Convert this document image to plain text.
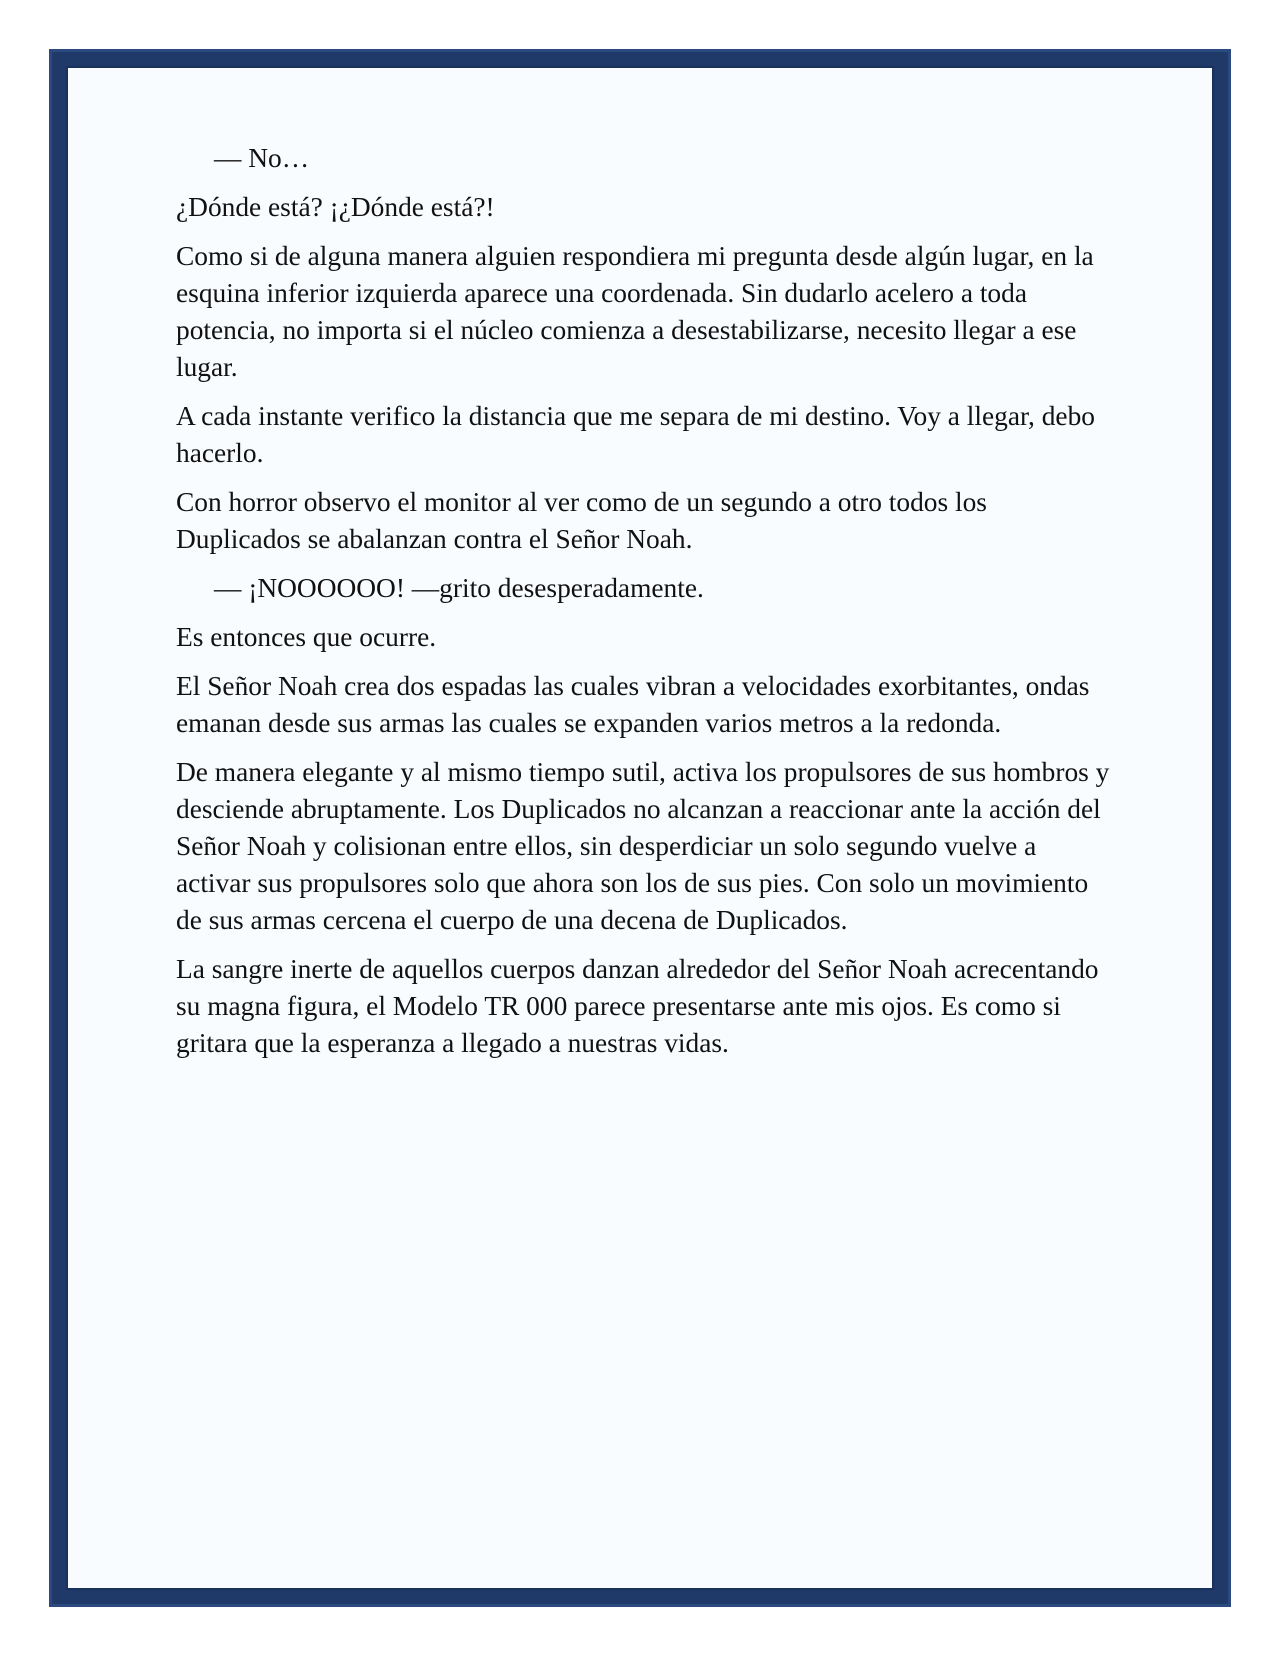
— No…

¿Dónde está? ¡¿Dónde está?!

Como si de alguna manera alguien respondiera mi pregunta desde algún lugar, en la esquina inferior izquierda aparece una coordenada. Sin dudarlo acelero a toda potencia, no importa si el núcleo comienza a desestabilizarse, necesito llegar a ese lugar.

A cada instante verifico la distancia que me separa de mi destino. Voy a llegar, debo hacerlo.

Con horror observo el monitor al ver como de un segundo a otro todos los Duplicados se abalanzan contra el Señor Noah.

— ¡NOOOOOO! —grito desesperadamente.

Es entonces que ocurre.

El Señor Noah crea dos espadas las cuales vibran a velocidades exorbitantes, ondas emanan desde sus armas las cuales se expanden varios metros a la redonda.

De manera elegante y al mismo tiempo sutil, activa los propulsores de sus hombros y desciende abruptamente. Los Duplicados no alcanzan a reaccionar ante la acción del Señor Noah y colisionan entre ellos, sin desperdiciar un solo segundo vuelve a activar sus propulsores solo que ahora son los de sus pies. Con solo un movimiento de sus armas cercena el cuerpo de una decena de Duplicados.

La sangre inerte de aquellos cuerpos danzan alrededor del Señor Noah acrecentando su magna figura, el Modelo TR 000 parece presentarse ante mis ojos. Es como si gritara que la esperanza a llegado a nuestras vidas.
